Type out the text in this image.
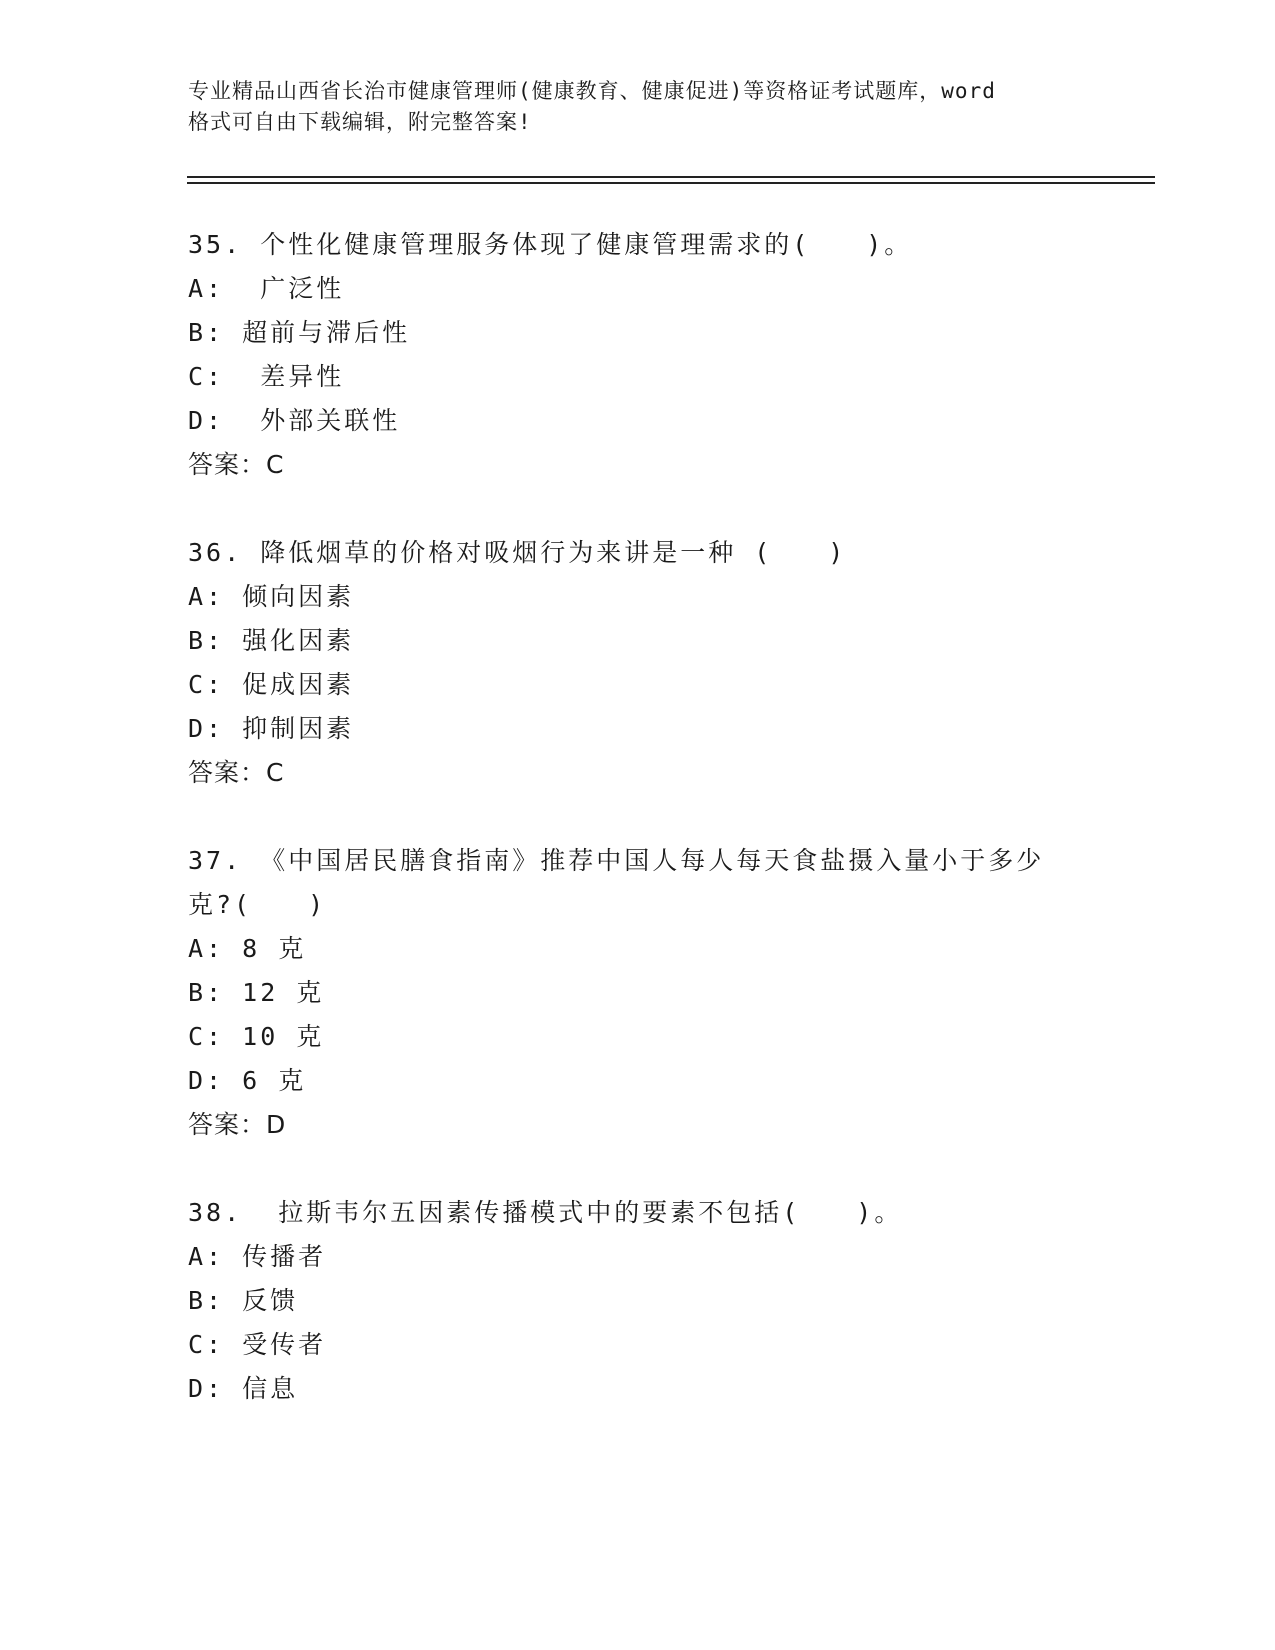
专业精品山西省长治市健康管理师(健康教育、健康促进)等资格证考试题库，word
格式可自由下载编辑，附完整答案!
35. 个性化健康管理服务体现了健康管理需求的(　　)。
A:  广泛性
B: 超前与滞后性
C:  差异性
D:  外部关联性
答案：C
36. 降低烟草的价格对吸烟行为来讲是一种 (　　)
A: 倾向因素
B: 强化因素
C: 促成因素
D: 抑制因素
答案：C
37. 《中国居民膳食指南》推荐中国人每人每天食盐摄入量小于多少
克?(　　)
A: 8 克
B: 12 克
C: 10 克
D: 6 克
答案：D
38.  拉斯韦尔五因素传播模式中的要素不包括(　　)。
A: 传播者
B: 反馈
C: 受传者
D: 信息
